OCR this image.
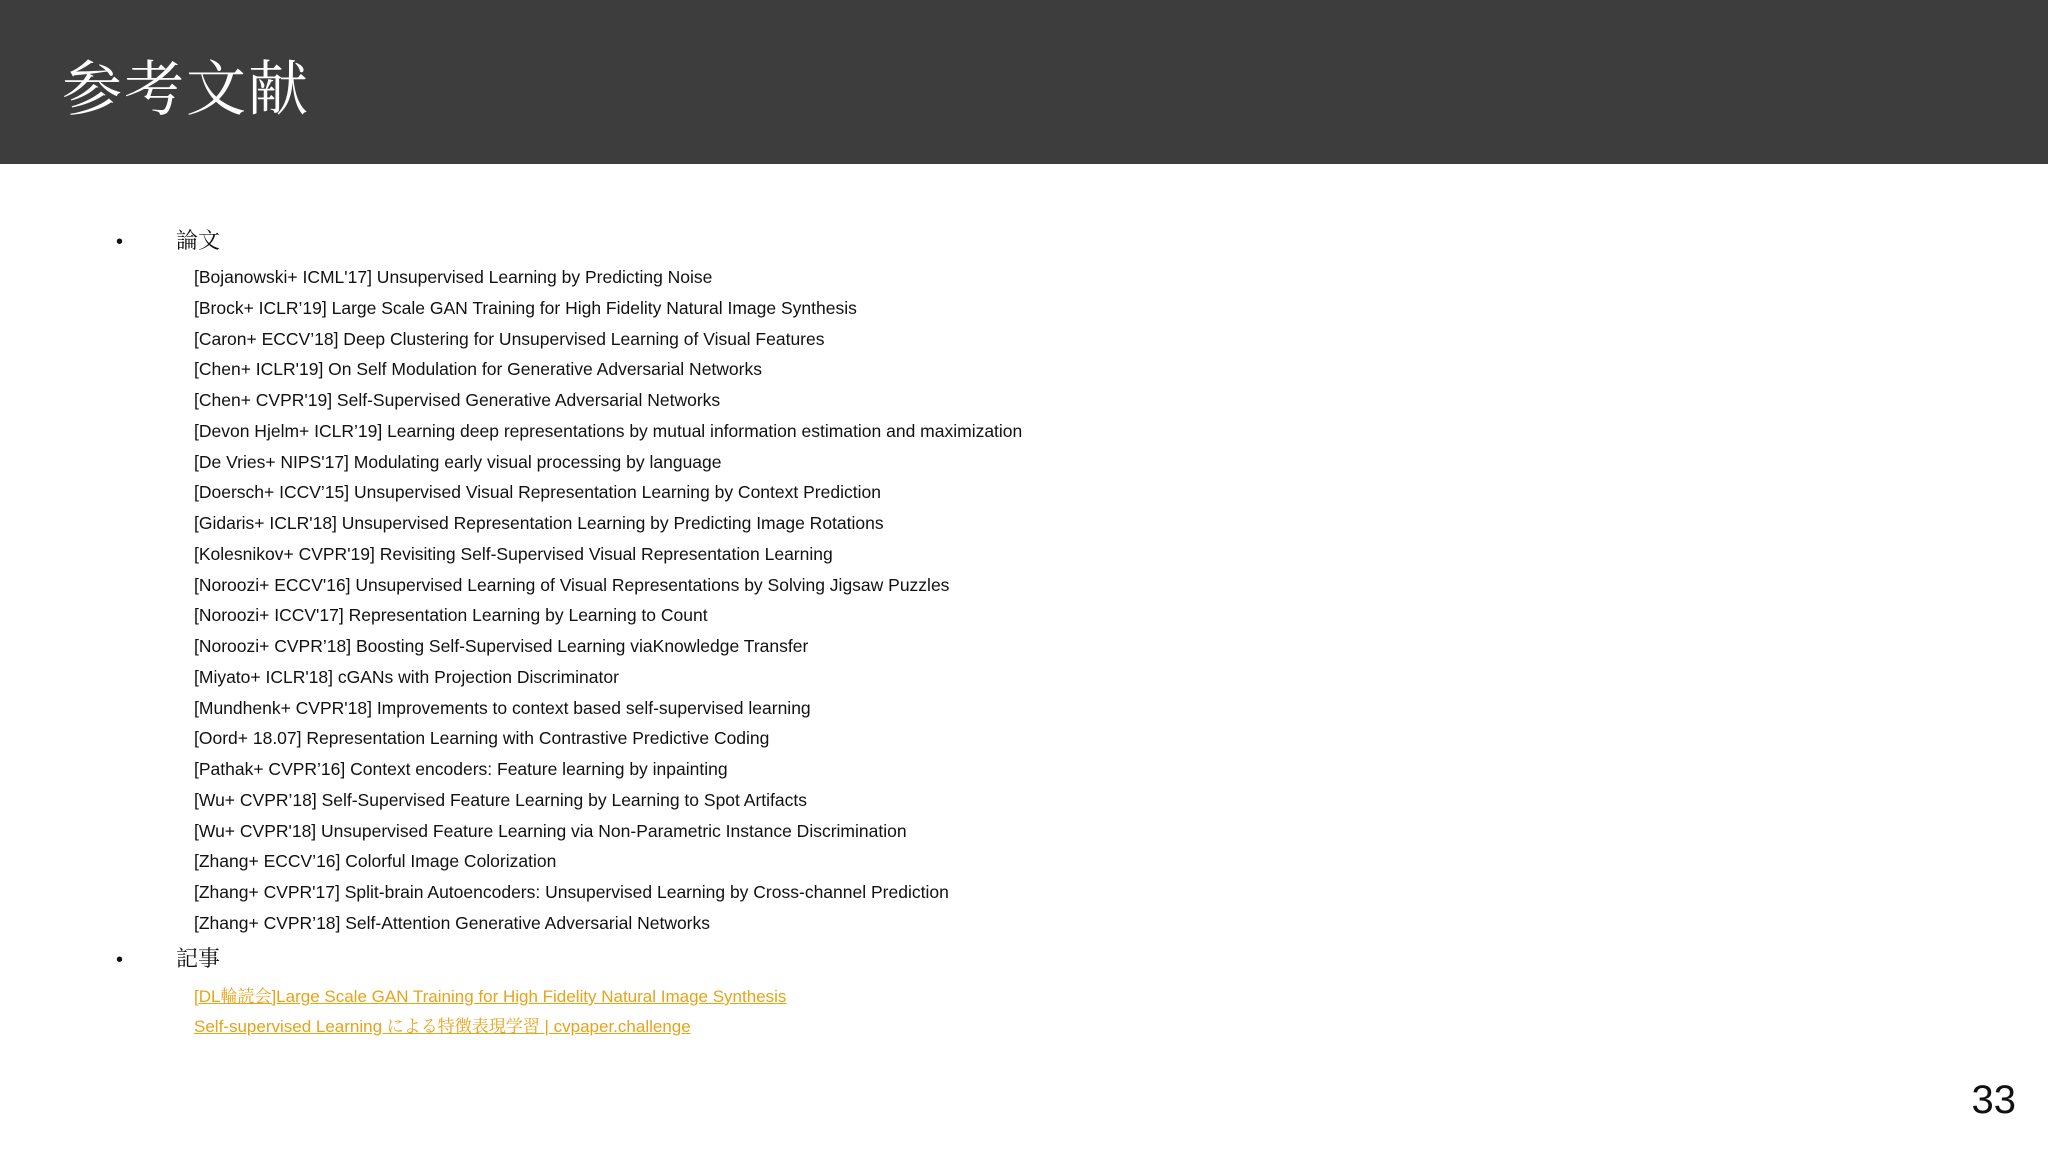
参考文献
• 論文
[Bojanowski+ ICML'17] Unsupervised Learning by Predicting Noise
[Brock+ ICLR’19] Large Scale GAN Training for High Fidelity Natural Image Synthesis
[Caron+ ECCV’18] Deep Clustering for Unsupervised Learning of Visual Features
[Chen+ ICLR'19] On Self Modulation for Generative Adversarial Networks
[Chen+ CVPR'19] Self-Supervised Generative Adversarial Networks
[Devon Hjelm+ ICLR’19] Learning deep representations by mutual information estimation and maximization
[De Vries+ NIPS'17] Modulating early visual processing by language
[Doersch+ ICCV’15] Unsupervised Visual Representation Learning by Context Prediction
[Gidaris+ ICLR'18] Unsupervised Representation Learning by Predicting Image Rotations
[Kolesnikov+ CVPR'19] Revisiting Self-Supervised Visual Representation Learning
[Noroozi+ ECCV'16] Unsupervised Learning of Visual Representations by Solving Jigsaw Puzzles
[Noroozi+ ICCV'17] Representation Learning by Learning to Count
[Noroozi+ CVPR’18] Boosting Self-Supervised Learning viaKnowledge Transfer
[Miyato+ ICLR'18] cGANs with Projection Discriminator
[Mundhenk+ CVPR'18] Improvements to context based self-supervised learning
[Oord+ 18.07] Representation Learning with Contrastive Predictive Coding
[Pathak+ CVPR’16] Context encoders: Feature learning by inpainting
[Wu+ CVPR’18] Self-Supervised Feature Learning by Learning to Spot Artifacts
[Wu+ CVPR'18] Unsupervised Feature Learning via Non-Parametric Instance Discrimination
[Zhang+ ECCV’16] Colorful Image Colorization
[Zhang+ CVPR'17] Split-brain Autoencoders: Unsupervised Learning by Cross-channel Prediction
[Zhang+ CVPR’18] Self-Attention Generative Adversarial Networks
• 記事
[DL輪読会]Large Scale GAN Training for High Fidelity Natural Image Synthesis
Self-supervised Learning による特徴表現学習 | cvpaper.challenge
33
